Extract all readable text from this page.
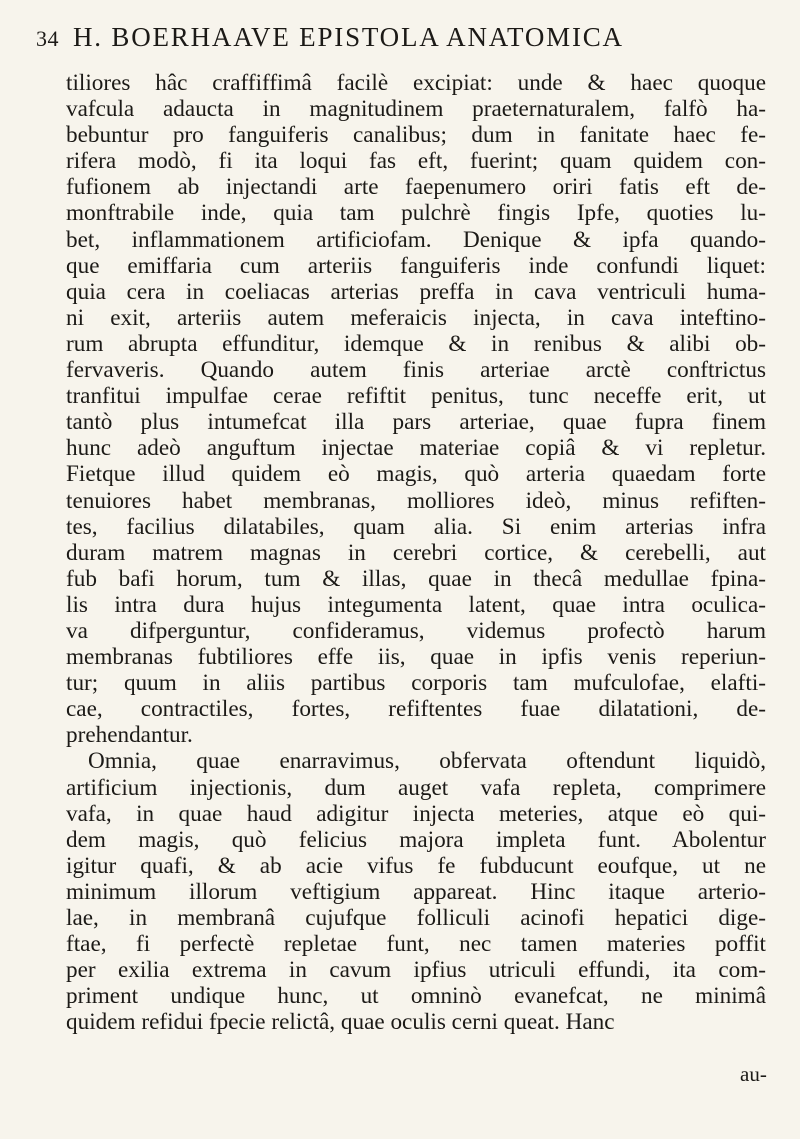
34 H. BOERHAAVE EPISTOLA ANATOMICA
tiliores hâc craffiffimâ facilè excipiat: unde & haec quoque
vafcula adaucta in magnitudinem praeternaturalem, falfò ha-
bebuntur pro fanguiferis canalibus; dum in fanitate haec fe-
rifera modò, fi ita loqui fas eft, fuerint; quam quidem con-
fufionem ab injectandi arte faepenumero oriri fatis eft de-
monftrabile inde, quia tam pulchrè fingis Ipfe, quoties lu-
bet, inflammationem artificiofam. Denique & ipfa quando-
que emiffaria cum arteriis fanguiferis inde confundi liquet:
quia cera in coeliacas arterias preffa in cava ventriculi huma-
ni exit, arteriis autem meferaicis injecta, in cava inteftino-
rum abrupta effunditur, idemque & in renibus & alibi ob-
fervaveris. Quando autem finis arteriae arctè conftrictus
tranfitui impulfae cerae refiftit penitus, tunc neceffe erit, ut
tantò plus intumefcat illa pars arteriae, quae fupra finem
hunc adeò anguftum injectae materiae copiâ & vi repletur.
Fietque illud quidem eò magis, quò arteria quaedam forte
tenuiores habet membranas, molliores ideò, minus refiften-
tes, facilius dilatabiles, quam alia. Si enim arterias infra
duram matrem magnas in cerebri cortice, & cerebelli, aut
fub bafi horum, tum & illas, quae in thecâ medullae fpina-
lis intra dura hujus integumenta latent, quae intra oculica-
va difperguntur, confideramus, videmus profectò harum
membranas fubtiliores effe iis, quae in ipfis venis reperiun-
tur; quum in aliis partibus corporis tam mufculofae, elafti-
cae, contractiles, fortes, refiftentes fuae dilatationi, de-
prehendantur.
Omnia, quae enarravimus, obfervata oftendunt liquidò,
artificium injectionis, dum auget vafa repleta, comprimere
vafa, in quae haud adigitur injecta meteries, atque eò qui-
dem magis, quò felicius majora impleta funt. Abolentur
igitur quafi, & ab acie vifus fe fubducunt eoufque, ut ne
minimum illorum veftigium appareat. Hinc itaque arterio-
lae, in membranâ cujufque folliculi acinofi hepatici dige-
ftae, fi perfectè repletae funt, nec tamen materies poffit
per exilia extrema in cavum ipfius utriculi effundi, ita com-
priment undique hunc, ut omninò evanefcat, ne minimâ
quidem refidui fpecie relictâ, quae oculis cerni queat. Hanc
au-
